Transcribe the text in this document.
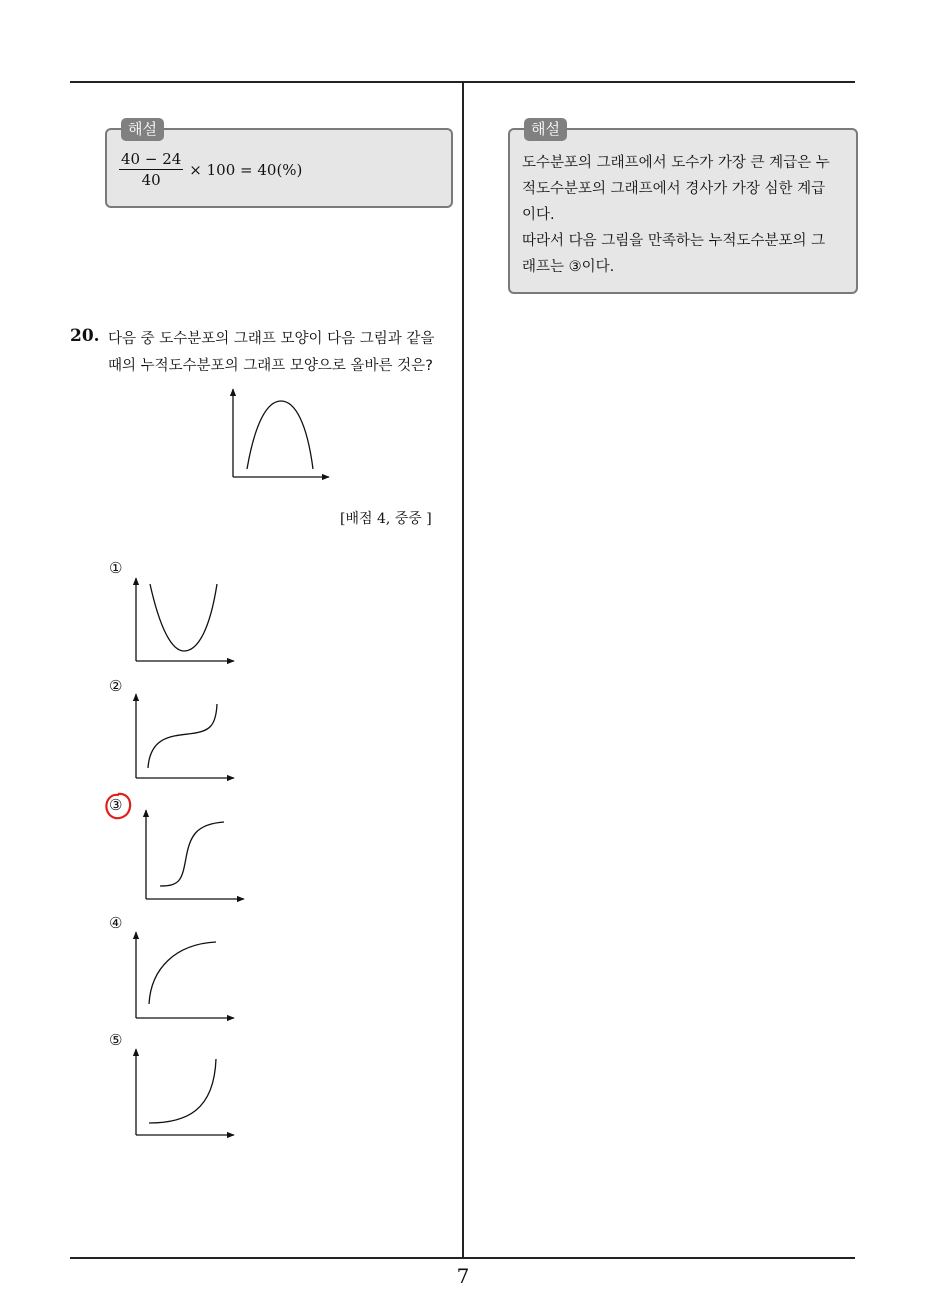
해설
$\frac{40 - 24}{40} \times 100 = 40(\%)$
해설

도수분포의 그래프에서 도수가 가장 큰 계급은 누

적도수분포의 그래프에서 경사가 가장 심한 계급

이다.

따라서 다음 그림을 만족하는 누적도수분포의 그

래프는 ③이다.

20. 다음 중 도수분포의 그래프 모양이 다음 그림과 같을

때의 누적도수분포의 그래프 모양으로 올바른 것은?

[배점 4, 중중 ]
①
②
③
④
⑤
7
